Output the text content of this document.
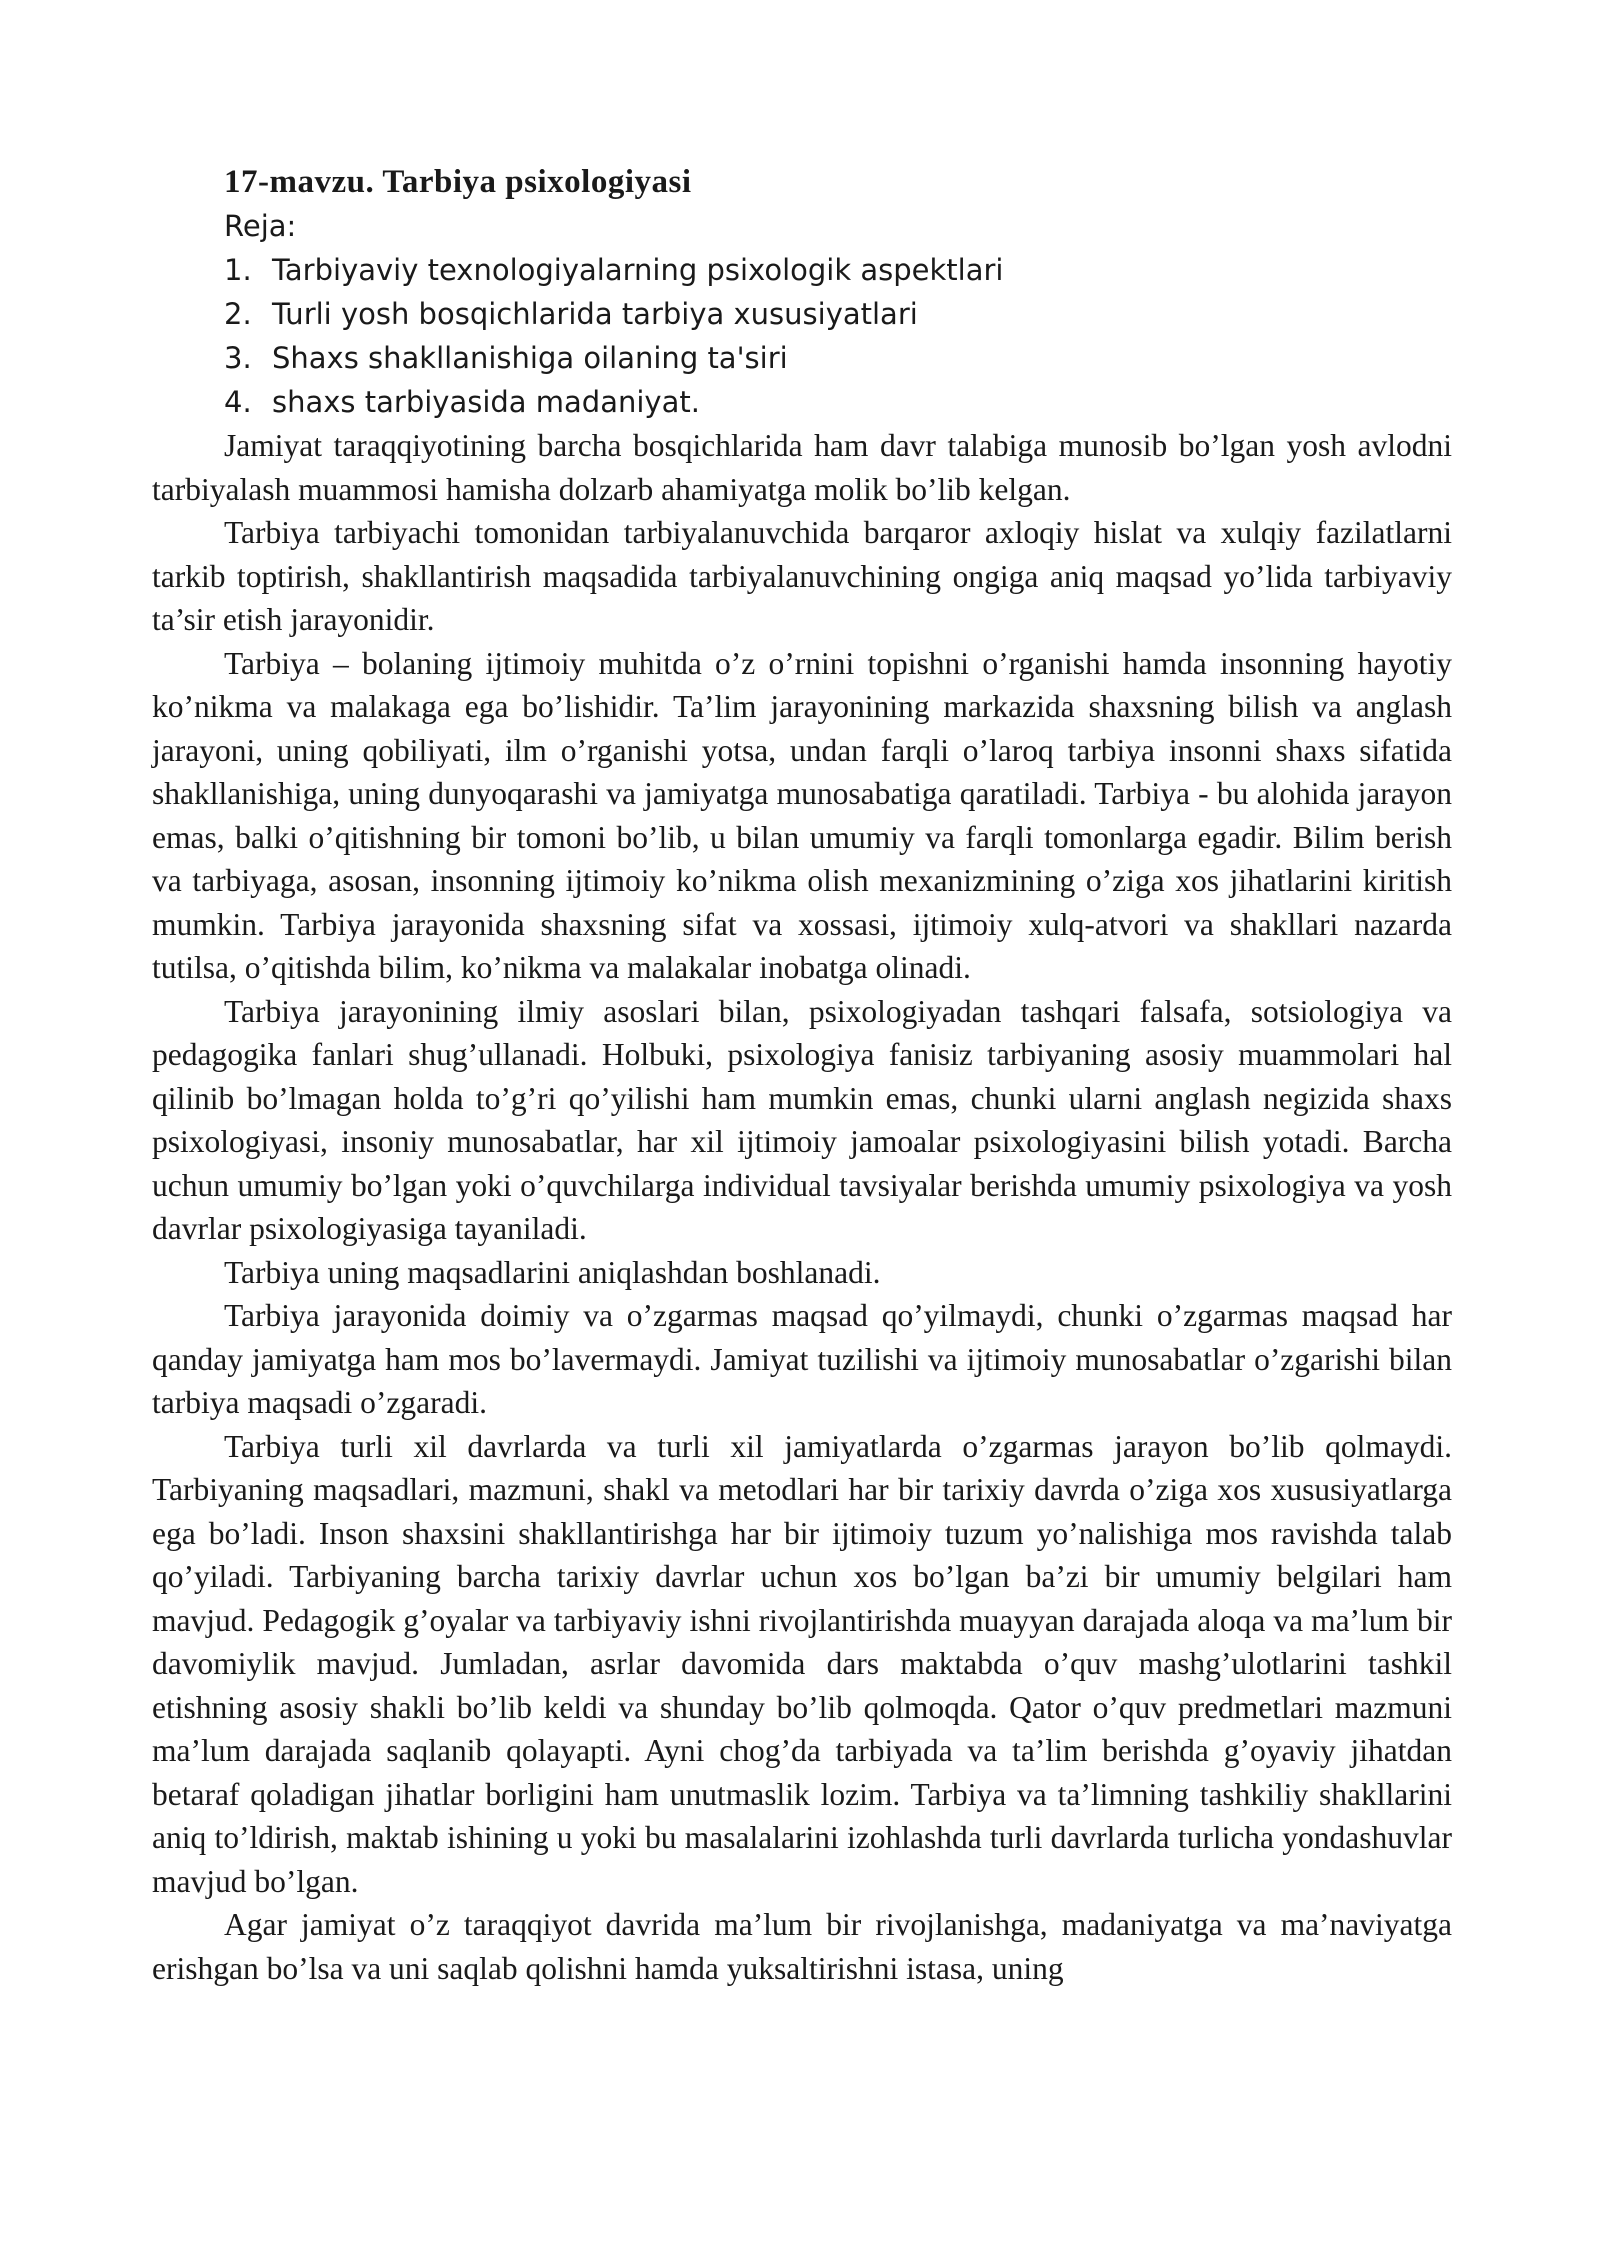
17-mavzu. Tarbiya psixologiyasi
Reja:
1. Tarbiyaviy texnologiyalarning psixologik aspektlari
2. Turli yosh bosqichlarida tarbiya xususiyatlari
3. Shaxs shakllanishiga oilaning ta'siri
4. shaxs tarbiyasida madaniyat.

Jamiyat taraqqiyotining barcha bosqichlarida ham davr talabiga munosib bo’lgan yosh avlodni tarbiyalash muammosi hamisha dolzarb ahamiyatga molik bo’lib kelgan.

Tarbiya tarbiyachi tomonidan tarbiyalanuvchida barqaror axloqiy hislat va xulqiy fazilatlarni tarkib toptirish, shakllantirish maqsadida tarbiyalanuvchining ongiga aniq maqsad yo’lida tarbiyaviy ta’sir etish jarayonidir.

Tarbiya – bolaning ijtimoiy muhitda o’z o’rnini topishni o’rganishi hamda insonning hayotiy ko’nikma va malakaga ega bo’lishidir. Ta’lim jarayonining markazida shaxsning bilish va anglash jarayoni, uning qobiliyati, ilm o’rganishi yotsa, undan farqli o’laroq tarbiya insonni shaxs sifatida shakllanishiga, uning dunyoqarashi va jamiyatga munosabatiga qaratiladi. Tarbiya - bu alohida jarayon emas, balki o’qitishning bir tomoni bo’lib, u bilan umumiy va farqli tomonlarga egadir. Bilim berish va tarbiyaga, asosan, insonning ijtimoiy ko’nikma olish mexanizmining o’ziga xos jihatlarini kiritish mumkin. Tarbiya jarayonida shaxsning sifat va xossasi, ijtimoiy xulq-atvori va shakllari nazarda tutilsa, o’qitishda bilim, ko’nikma va malakalar inobatga olinadi.

Tarbiya jarayonining ilmiy asoslari bilan, psixologiyadan tashqari falsafa, sotsiologiya va pedagogika fanlari shug’ullanadi. Holbuki, psixologiya fanisiz tarbiyaning asosiy muammolari hal qilinib bo’lmagan holda to’g’ri qo’yilishi ham mumkin emas, chunki ularni anglash negizida shaxs psixologiyasi, insoniy munosabatlar, har xil ijtimoiy jamoalar psixologiyasini bilish yotadi. Barcha uchun umumiy bo’lgan yoki o’quvchilarga individual tavsiyalar berishda umumiy psixologiya va yosh davrlar psixologiyasiga tayaniladi.

Tarbiya uning maqsadlarini aniqlashdan boshlanadi.

Tarbiya jarayonida doimiy va o’zgarmas maqsad qo’yilmaydi, chunki o’zgarmas maqsad har qanday jamiyatga ham mos bo’lavermaydi. Jamiyat tuzilishi va ijtimoiy munosabatlar o’zgarishi bilan tarbiya maqsadi o’zgaradi.

Tarbiya turli xil davrlarda va turli xil jamiyatlarda o’zgarmas jarayon bo’lib qolmaydi. Tarbiyaning maqsadlari, mazmuni, shakl va metodlari har bir tarixiy davrda o’ziga xos xususiyatlarga ega bo’ladi. Inson shaxsini shakllantirishga har bir ijtimoiy tuzum yo’nalishiga mos ravishda talab qo’yiladi. Tarbiyaning barcha tarixiy davrlar uchun xos bo’lgan ba’zi bir umumiy belgilari ham mavjud. Pedagogik g’oyalar va tarbiyaviy ishni rivojlantirishda muayyan darajada aloqa va ma’lum bir davomiylik mavjud. Jumladan, asrlar davomida dars maktabda o’quv mashg’ulotlarini tashkil etishning asosiy shakli bo’lib keldi va shunday bo’lib qolmoqda. Qator o’quv predmetlari mazmuni ma’lum darajada saqlanib qolayapti. Ayni chog’da tarbiyada va ta’lim berishda g’oyaviy jihatdan betaraf qoladigan jihatlar borligini ham unutmaslik lozim. Tarbiya va ta’limning tashkiliy shakllarini aniq to’ldirish, maktab ishining u yoki bu masalalarini izohlashda turli davrlarda turlicha yondashuvlar mavjud bo’lgan.

Agar jamiyat o’z taraqqiyot davrida ma’lum bir rivojlanishga, madaniyatga va ma’naviyatga erishgan bo’lsa va uni saqlab qolishni hamda yuksaltirishni istasa, uning
